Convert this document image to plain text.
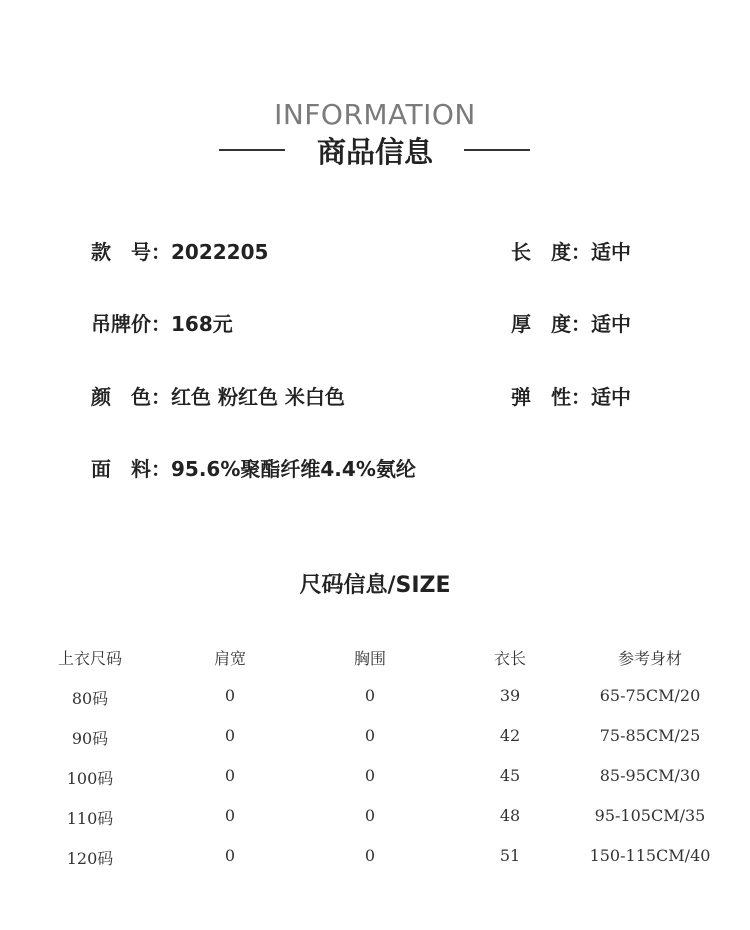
INFORMATION
商品信息
款　号：2022205	长　度：适中
吊牌价：168元	厚　度：适中
颜　色：红色 粉红色 米白色	弹　性：适中
面　料：95.6%聚酯纤维4.4%氨纶
尺码信息/SIZE
上衣尺码	肩宽	胸围	衣长	参考身材
80码	0	0	39	65-75CM/20
90码	0	0	42	75-85CM/25
100码	0	0	45	85-95CM/30
110码	0	0	48	95-105CM/35
120码	0	0	51	150-115CM/40
